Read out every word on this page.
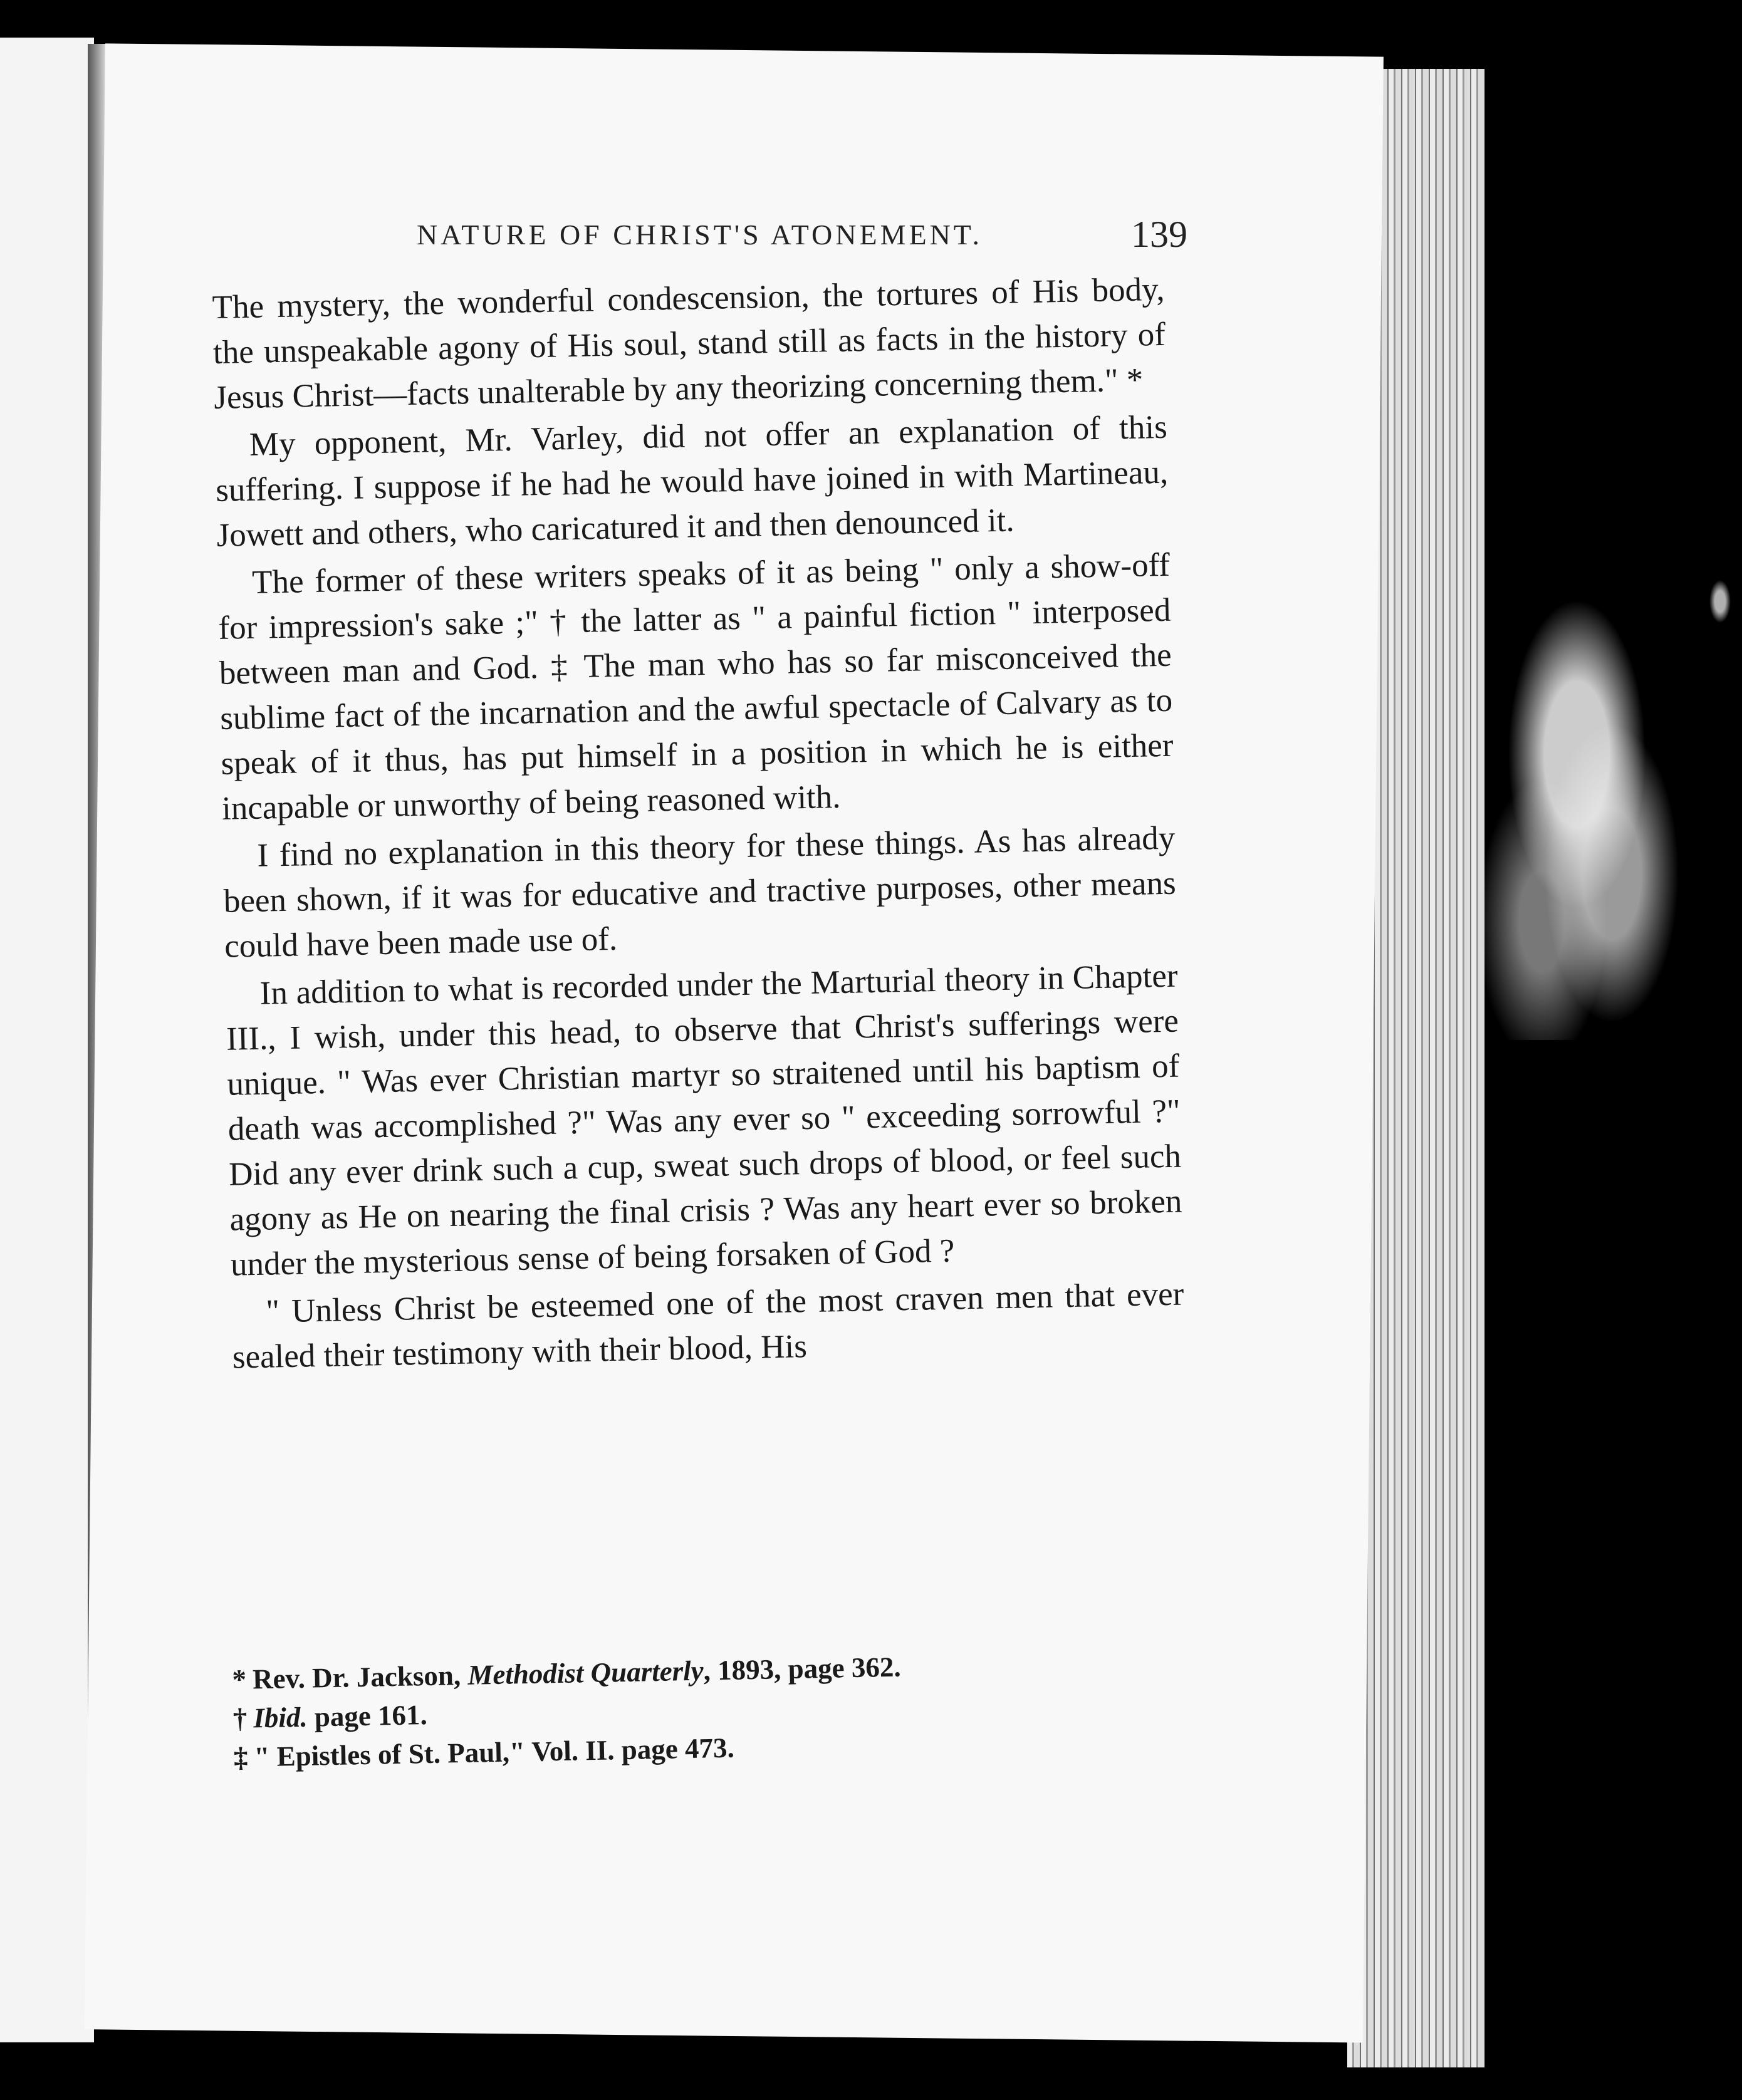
NATURE OF CHRIST'S ATONEMENT.	139

The mystery, the wonderful condescension, the tortures of His body, the unspeakable agony of His soul, stand still as facts in the history of Jesus Christ—facts unalterable by any theorizing concerning them." *

My opponent, Mr. Varley, did not offer an explanation of this suffering. I suppose if he had he would have joined in with Martineau, Jowett and others, who caricatured it and then denounced it.

The former of these writers speaks of it as being " only a show-off for impression's sake ;" † the latter as " a painful fiction " interposed between man and God. ‡ The man who has so far misconceived the sublime fact of the incarnation and the awful spectacle of Calvary as to speak of it thus, has put himself in a position in which he is either incapable or unworthy of being reasoned with.

I find no explanation in this theory for these things. As has already been shown, if it was for educative and tractive purposes, other means could have been made use of.

In addition to what is recorded under the Marturial theory in Chapter III., I wish, under this head, to observe that Christ's sufferings were unique. " Was ever Christian martyr so straitened until his baptism of death was accomplished ?" Was any ever so " exceeding sorrowful ?" Did any ever drink such a cup, sweat such drops of blood, or feel such agony as He on nearing the final crisis ? Was any heart ever so broken under the mysterious sense of being forsaken of God ?

" Unless Christ be esteemed one of the most craven men that ever sealed their testimony with their blood, His

* Rev. Dr. Jackson, Methodist Quarterly, 1893, page 362.
† Ibid. page 161.
‡ " Epistles of St. Paul," Vol. II. page 473.
